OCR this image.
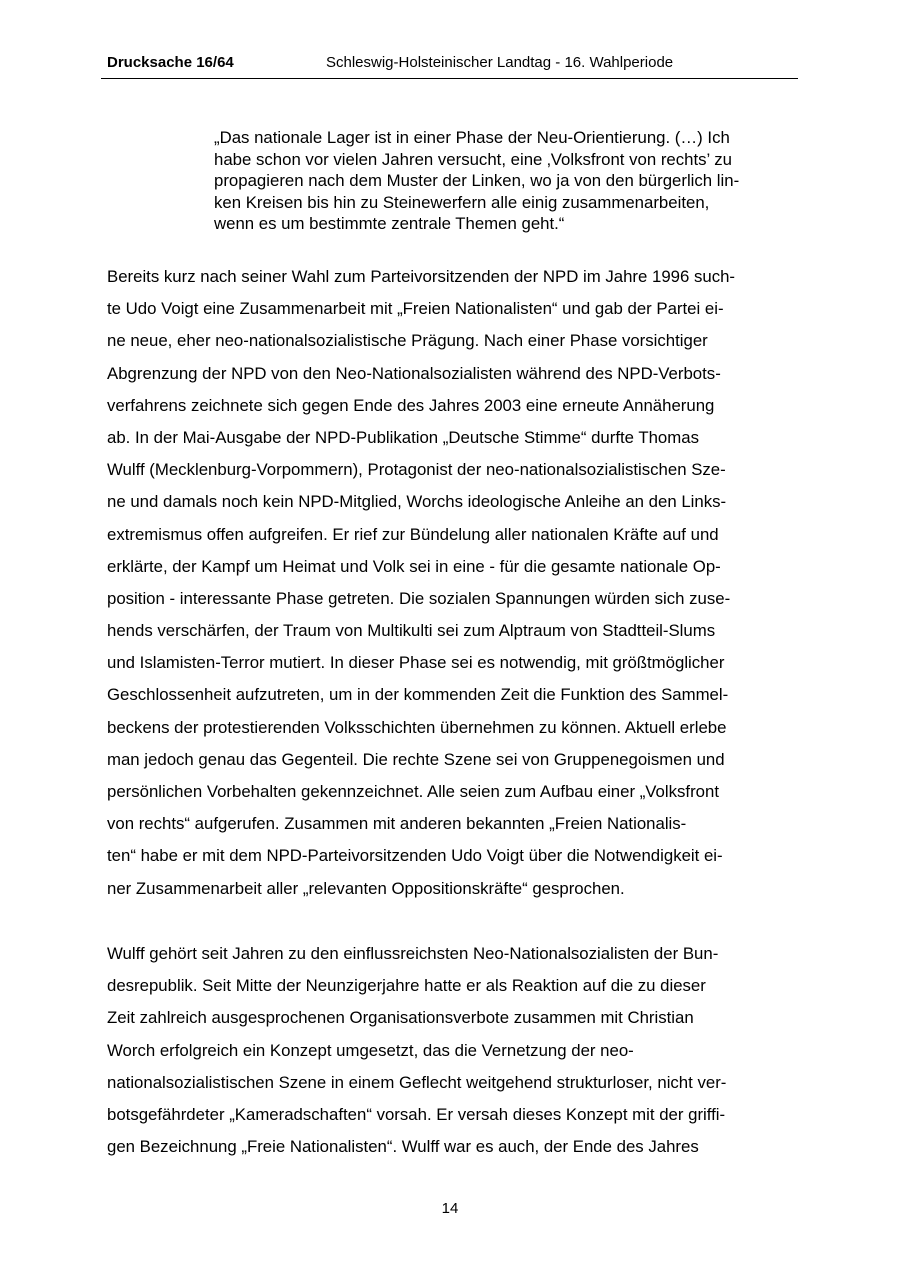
Drucksache 16/64	Schleswig-Holsteinischer Landtag - 16. Wahlperiode
„Das nationale Lager ist in einer Phase der Neu-Orientierung. (…) Ich
habe schon vor vielen Jahren versucht, eine ‚Volksfront von rechts’ zu
propagieren nach dem Muster der Linken, wo ja von den bürgerlich lin-
ken Kreisen bis hin zu Steinewerfern alle einig zusammenarbeiten,
wenn es um bestimmte zentrale Themen geht.“
Bereits kurz nach seiner Wahl zum Parteivorsitzenden der NPD im Jahre 1996 such-
te Udo Voigt eine Zusammenarbeit mit „Freien Nationalisten“ und gab der Partei ei-
ne neue, eher neo-nationalsozialistische Prägung. Nach einer Phase vorsichtiger
Abgrenzung der NPD von den Neo-Nationalsozialisten während des NPD-Verbots-
verfahrens zeichnete sich gegen Ende des Jahres 2003 eine erneute Annäherung
ab. In der Mai-Ausgabe der NPD-Publikation „Deutsche Stimme“ durfte Thomas
Wulff (Mecklenburg-Vorpommern), Protagonist der neo-nationalsozialistischen Sze-
ne und damals noch kein NPD-Mitglied, Worchs ideologische Anleihe an den Links-
extremismus offen aufgreifen. Er rief zur Bündelung aller nationalen Kräfte auf und
erklärte, der Kampf um Heimat und Volk sei in eine - für die gesamte nationale Op-
position - interessante Phase getreten. Die sozialen Spannungen würden sich zuse-
hends verschärfen, der Traum von Multikulti sei zum Alptraum von Stadtteil-Slums
und Islamisten-Terror mutiert. In dieser Phase sei es notwendig, mit größtmöglicher
Geschlossenheit aufzutreten, um in der kommenden Zeit die Funktion des Sammel-
beckens der protestierenden Volksschichten übernehmen zu können. Aktuell erlebe
man jedoch genau das Gegenteil. Die rechte Szene sei von Gruppenegoismen und
persönlichen Vorbehalten gekennzeichnet. Alle seien zum Aufbau einer „Volksfront
von rechts“ aufgerufen. Zusammen mit anderen bekannten „Freien Nationalis-
ten“ habe er mit dem NPD-Parteivorsitzenden Udo Voigt über die Notwendigkeit ei-
ner Zusammenarbeit aller „relevanten Oppositionskräfte“ gesprochen.
Wulff gehört seit Jahren zu den einflussreichsten Neo-Nationalsozialisten der Bun-
desrepublik. Seit Mitte der Neunzigerjahre hatte er als Reaktion auf die zu dieser
Zeit zahlreich ausgesprochenen Organisationsverbote zusammen mit Christian
Worch erfolgreich ein Konzept umgesetzt, das die Vernetzung der neo-
nationalsozialistischen Szene in einem Geflecht weitgehend strukturloser, nicht ver-
botsgefährdeter „Kameradschaften“ vorsah. Er versah dieses Konzept mit der griffi-
gen Bezeichnung „Freie Nationalisten“. Wulff war es auch, der Ende des Jahres
14
